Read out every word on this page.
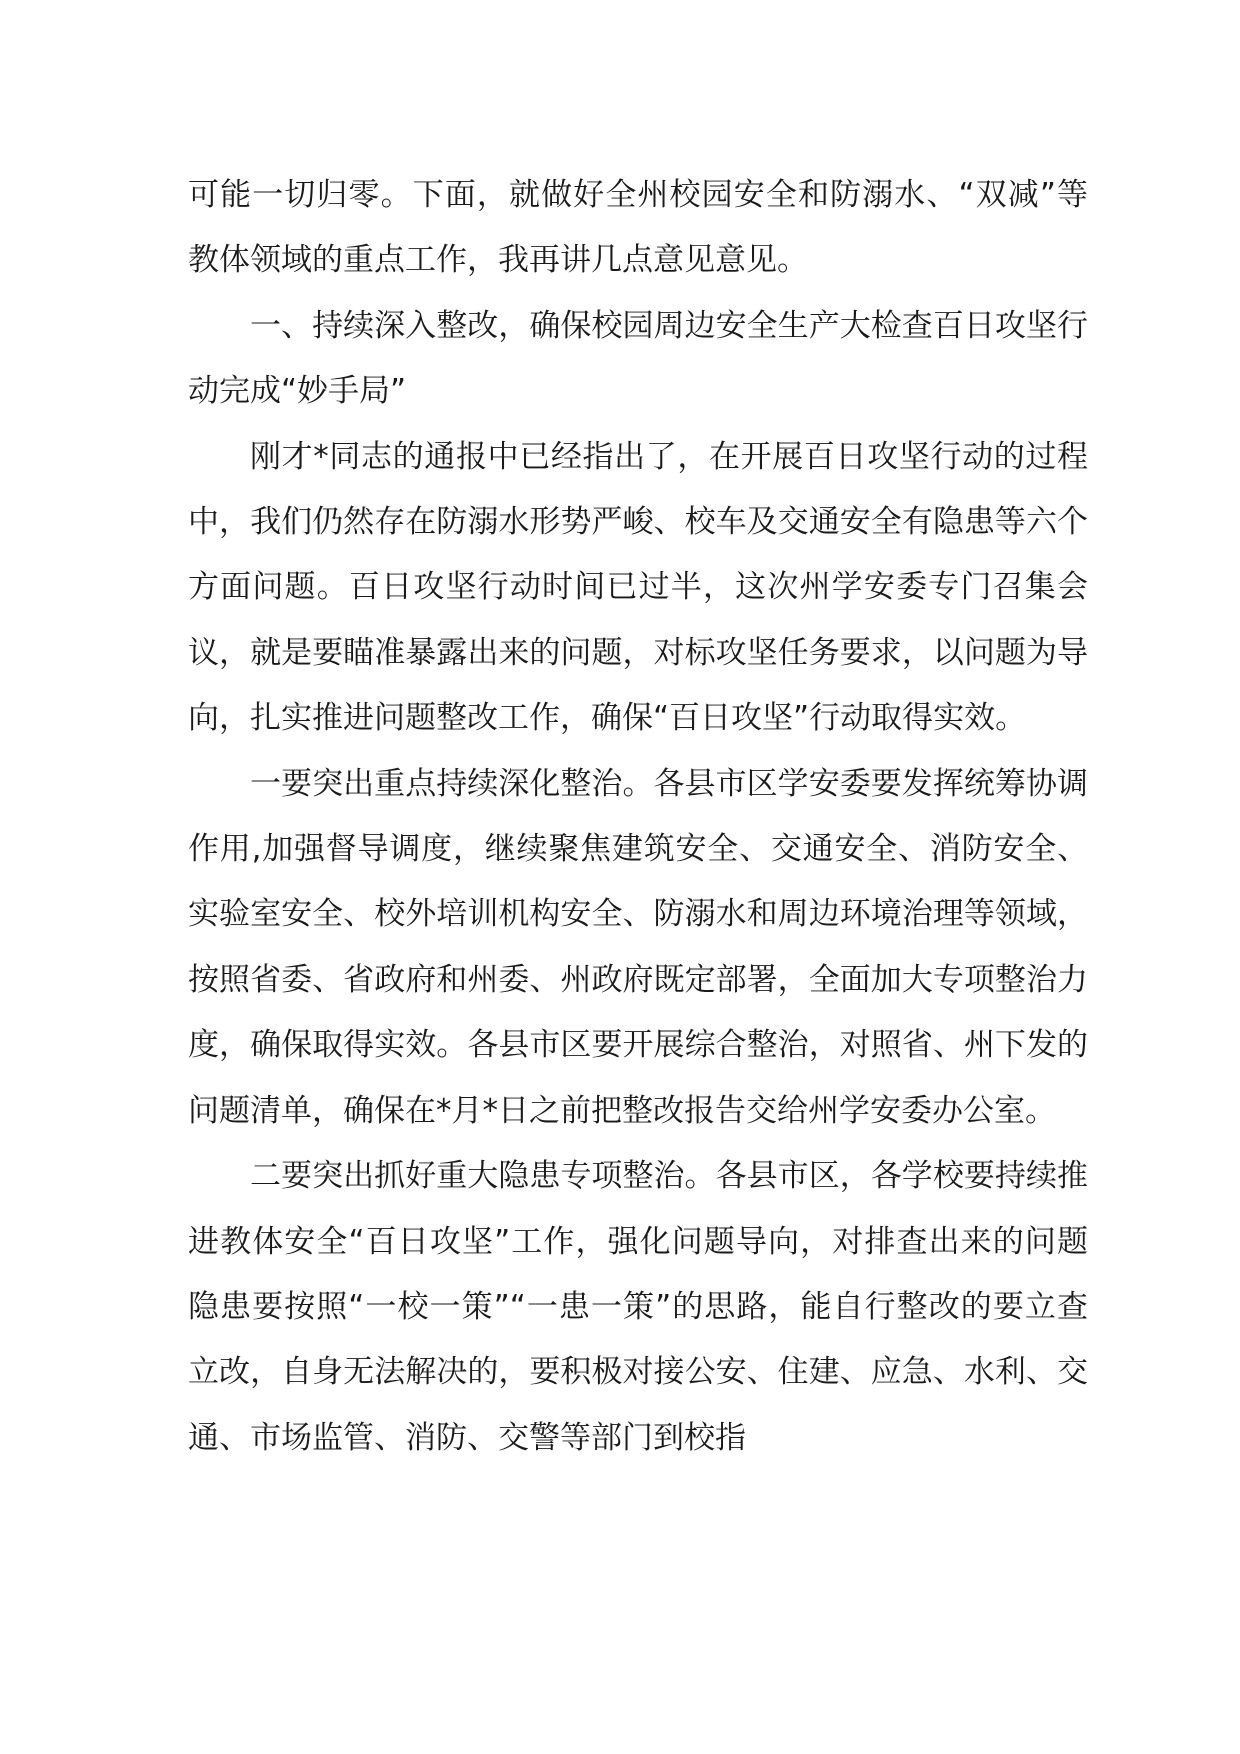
可能一切归零。下面，就做好全州校园安全和防溺水、“双减”等教体领域的重点工作，我再讲几点意见意见。

一、持续深入整改，确保校园周边安全生产大检查百日攻坚行动完成“妙手局”

刚才*同志的通报中已经指出了，在开展百日攻坚行动的过程中，我们仍然存在防溺水形势严峻、校车及交通安全有隐患等六个方面问题。百日攻坚行动时间已过半，这次州学安委专门召集会议，就是要瞄准暴露出来的问题，对标攻坚任务要求，以问题为导向，扎实推进问题整改工作，确保“百日攻坚”行动取得实效。

一要突出重点持续深化整治。各县市区学安委要发挥统筹协调作用,加强督导调度，继续聚焦建筑安全、交通安全、消防安全、实验室安全、校外培训机构安全、防溺水和周边环境治理等领域，按照省委、省政府和州委、州政府既定部署，全面加大专项整治力度，确保取得实效。各县市区要开展综合整治，对照省、州下发的问题清单，确保在*月*日之前把整改报告交给州学安委办公室。

二要突出抓好重大隐患专项整治。各县市区，各学校要持续推进教体安全“百日攻坚”工作，强化问题导向，对排查出来的问题隐患要按照“一校一策”“一患一策”的思路，能自行整改的要立查立改，自身无法解决的，要积极对接公安、住建、应急、水利、交通、市场监管、消防、交警等部门到校指
